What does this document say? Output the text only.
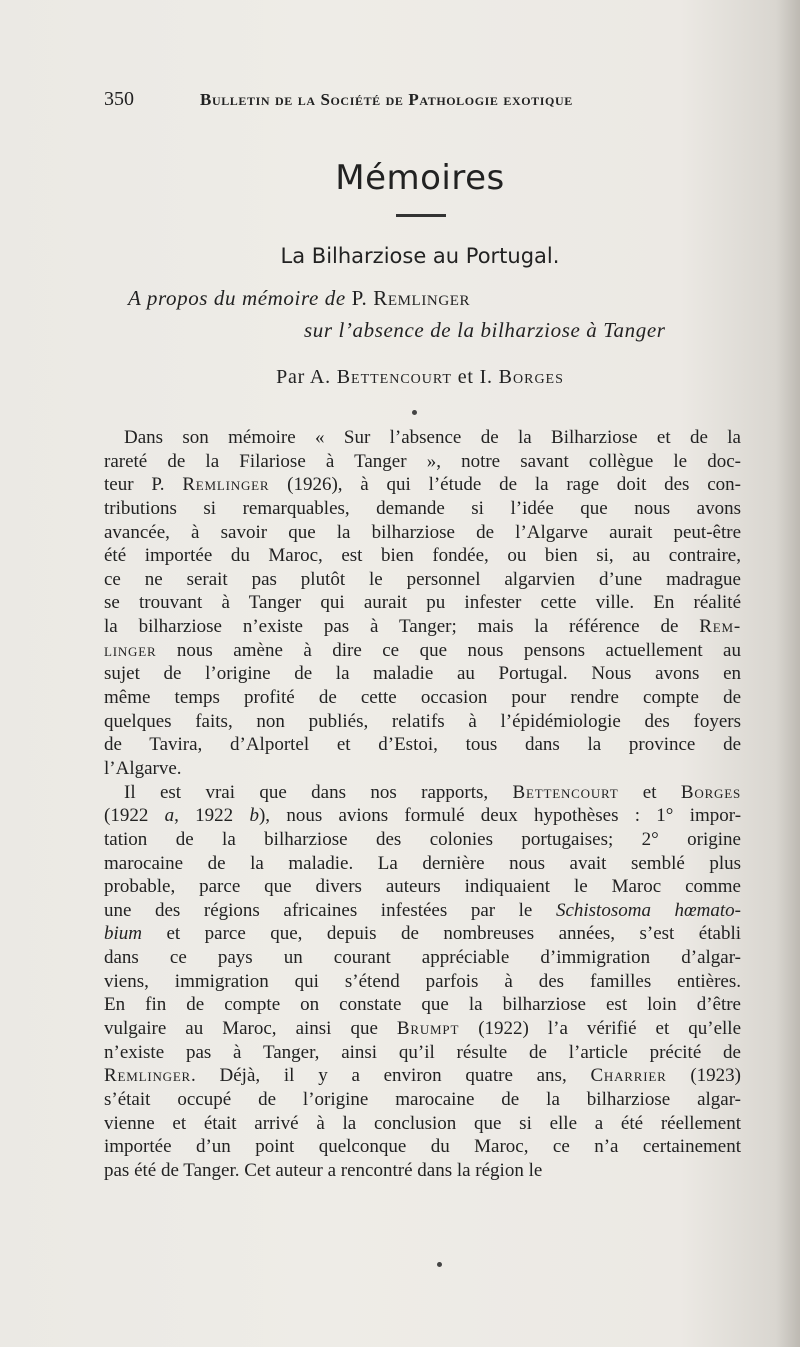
350	Bulletin de la Société de Pathologie exotique
Mémoires
La Bilharziose au Portugal.
A propos du mémoire de P. Remlinger
sur l’absence de la bilharziose à Tanger
Par A. Bettencourt et I. Borges
Dans son mémoire « Sur l’absence de la Bilharziose et de la
rareté de la Filariose à Tanger », notre savant collègue le doc-
teur P. Remlinger (1926), à qui l’étude de la rage doit des con-
tributions si remarquables, demande si l’idée que nous avons
avancée, à savoir que la bilharziose de l’Algarve aurait peut-être
été importée du Maroc, est bien fondée, ou bien si, au contraire,
ce ne serait pas plutôt le personnel algarvien d’une madrague
se trouvant à Tanger qui aurait pu infester cette ville. En réalité
la bilharziose n’existe pas à Tanger; mais la référence de Rem-
linger nous amène à dire ce que nous pensons actuellement au
sujet de l’origine de la maladie au Portugal. Nous avons en
même temps profité de cette occasion pour rendre compte de
quelques faits, non publiés, relatifs à l’épidémiologie des foyers
de Tavira, d’Alportel et d’Estoi, tous dans la province de
l’Algarve.
Il est vrai que dans nos rapports, Bettencourt et Borges
(1922 a, 1922 b), nous avions formulé deux hypothèses : 1° impor-
tation de la bilharziose des colonies portugaises; 2° origine
marocaine de la maladie. La dernière nous avait semblé plus
probable, parce que divers auteurs indiquaient le Maroc comme
une des régions africaines infestées par le Schistosoma hœmato-
bium et parce que, depuis de nombreuses années, s’est établi
dans ce pays un courant appréciable d’immigration d’algar-
viens, immigration qui s’étend parfois à des familles entières.
En fin de compte on constate que la bilharziose est loin d’être
vulgaire au Maroc, ainsi que Brumpt (1922) l’a vérifié et qu’elle
n’existe pas à Tanger, ainsi qu’il résulte de l’article précité de
Remlinger. Déjà, il y a environ quatre ans, Charrier (1923)
s’était occupé de l’origine marocaine de la bilharziose algar-
vienne et était arrivé à la conclusion que si elle a été réellement
importée d’un point quelconque du Maroc, ce n’a certainement
pas été de Tanger. Cet auteur a rencontré dans la région le
